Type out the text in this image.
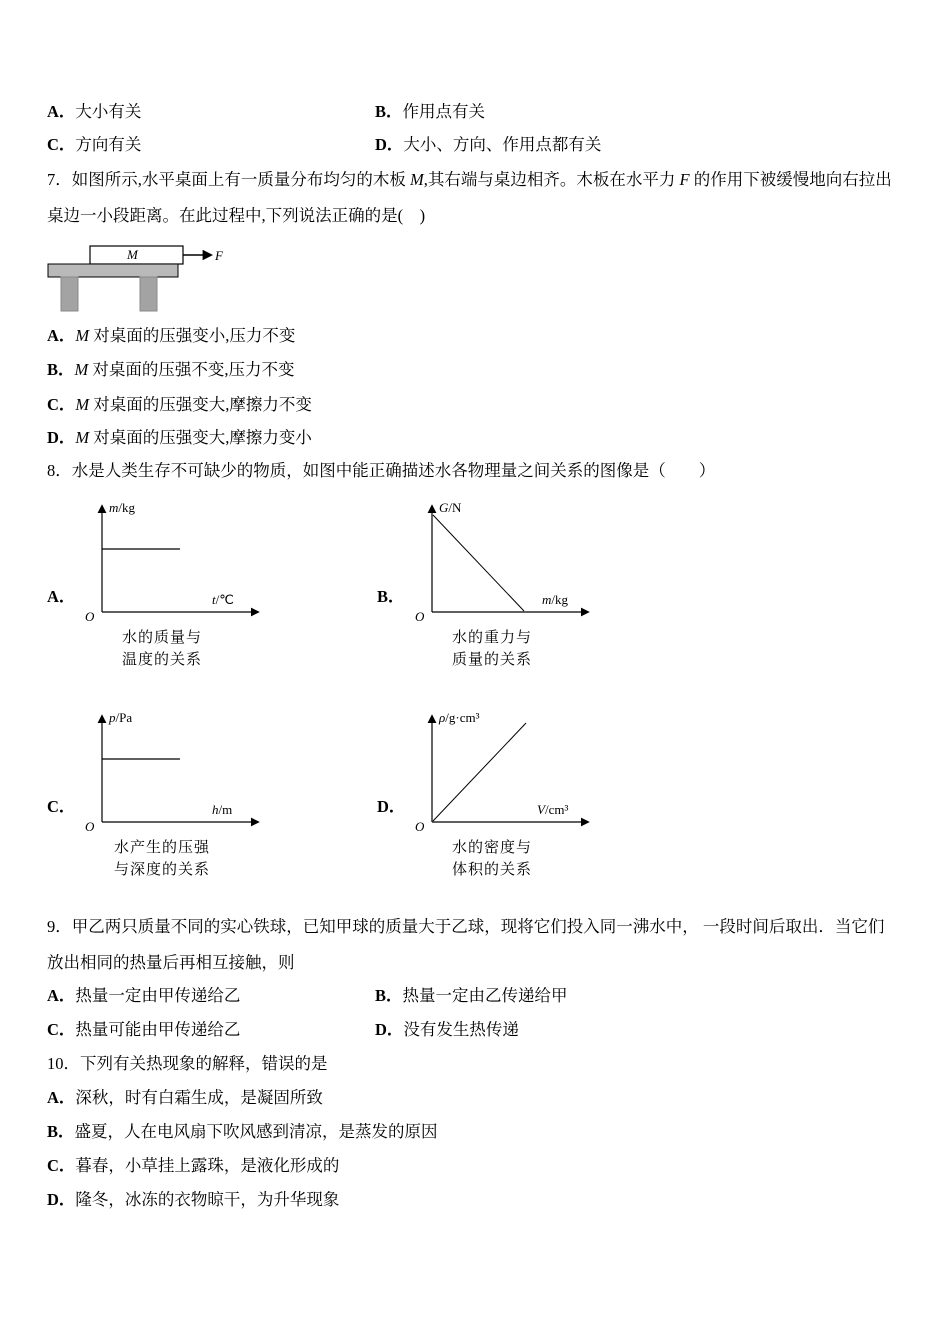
A．大小有关	B．作用点有关
C．方向有关	D．大小、方向、作用点都有关
7．如图所示,水平桌面上有一质量分布均匀的木板 M,其右端与桌边相齐。木板在水平力 F 的作用下被缓慢地向右拉出
桌边一小段距离。在此过程中,下列说法正确的是(　)
M	F
A．M 对桌面的压强变小,压力不变
B．M 对桌面的压强不变,压力不变
C．M 对桌面的压强变大,摩擦力不变
D．M 对桌面的压强变大,摩擦力变小
8．水是人类生存不可缺少的物质，如图中能正确描述水各物理量之间关系的图像是（　　）
A．
m/kg
t/℃
O
水的质量与
温度的关系
B．
G/N
m/kg
O
水的重力与
质量的关系
C．
p/Pa
h/m
O
水产生的压强
与深度的关系
D．
ρ/g·cm³
V/cm³
O
水的密度与
体积的关系
9．甲乙两只质量不同的实心铁球，已知甲球的质量大于乙球，现将它们投入同一沸水中， 一段时间后取出．当它们
放出相同的热量后再相互接触，则
A．热量一定由甲传递给乙	B．热量一定由乙传递给甲
C．热量可能由甲传递给乙	D．没有发生热传递
10．下列有关热现象的解释，错误的是
A．深秋，时有白霜生成，是凝固所致
B．盛夏，人在电风扇下吹风感到清凉，是蒸发的原因
C．暮春，小草挂上露珠，是液化形成的
D．隆冬，冰冻的衣物晾干，为升华现象
